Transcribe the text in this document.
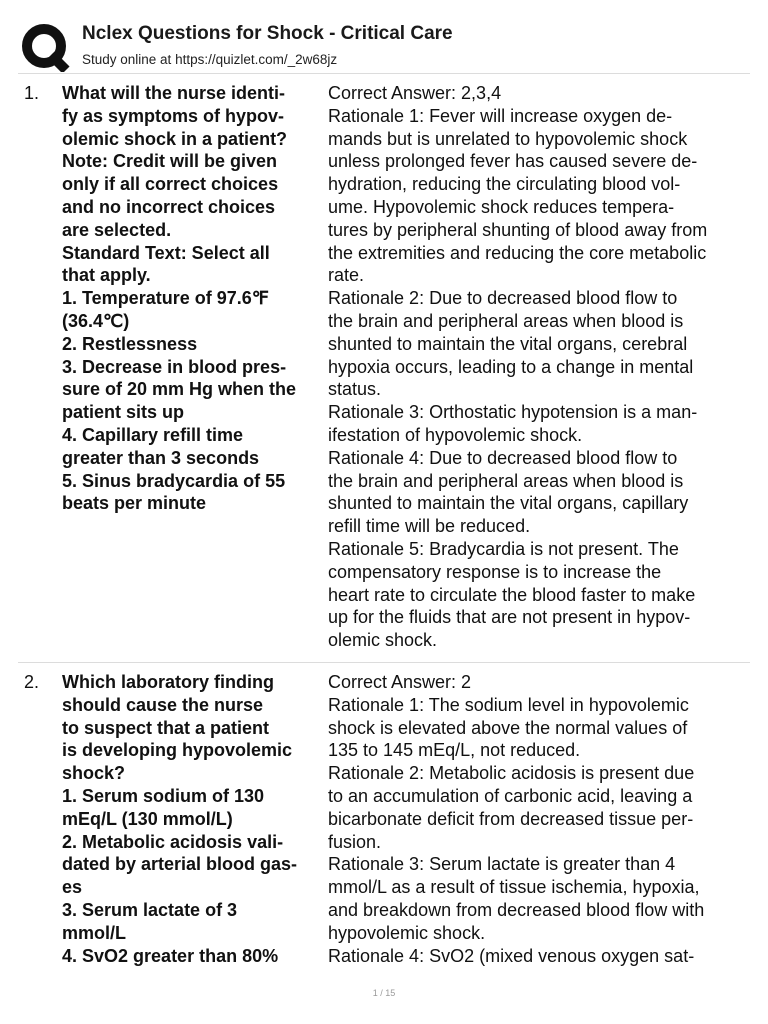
Nclex Questions for Shock - Critical Care
Study online at https://quizlet.com/_2w68jz
1. What will the nurse identi-
fy as symptoms of hypov-
olemic shock in a patient?
Note: Credit will be given
only if all correct choices
and no incorrect choices
are selected.
Standard Text: Select all
that apply.
1. Temperature of 97.6℉
(36.4℃)
2. Restlessness
3. Decrease in blood pres-
sure of 20 mm Hg when the
patient sits up
4. Capillary refill time
greater than 3 seconds
5. Sinus bradycardia of 55
beats per minute
Correct Answer: 2,3,4
Rationale 1: Fever will increase oxygen de-
mands but is unrelated to hypovolemic shock
unless prolonged fever has caused severe de-
hydration, reducing the circulating blood vol-
ume. Hypovolemic shock reduces tempera-
tures by peripheral shunting of blood away from
the extremities and reducing the core metabolic
rate.
Rationale 2: Due to decreased blood flow to
the brain and peripheral areas when blood is
shunted to maintain the vital organs, cerebral
hypoxia occurs, leading to a change in mental
status.
Rationale 3: Orthostatic hypotension is a man-
ifestation of hypovolemic shock.
Rationale 4: Due to decreased blood flow to
the brain and peripheral areas when blood is
shunted to maintain the vital organs, capillary
refill time will be reduced.
Rationale 5: Bradycardia is not present. The
compensatory response is to increase the
heart rate to circulate the blood faster to make
up for the fluids that are not present in hypov-
olemic shock.
2. Which laboratory finding
should cause the nurse
to suspect that a patient
is developing hypovolemic
shock?
1. Serum sodium of 130
mEq/L (130 mmol/L)
2. Metabolic acidosis vali-
dated by arterial blood gas-
es
3. Serum lactate of 3
mmol/L
4. SvO2 greater than 80%
Correct Answer: 2
Rationale 1: The sodium level in hypovolemic
shock is elevated above the normal values of
135 to 145 mEq/L, not reduced.
Rationale 2: Metabolic acidosis is present due
to an accumulation of carbonic acid, leaving a
bicarbonate deficit from decreased tissue per-
fusion.
Rationale 3: Serum lactate is greater than 4
mmol/L as a result of tissue ischemia, hypoxia,
and breakdown from decreased blood flow with
hypovolemic shock.
Rationale 4: SvO2 (mixed venous oxygen sat-
1 / 15
